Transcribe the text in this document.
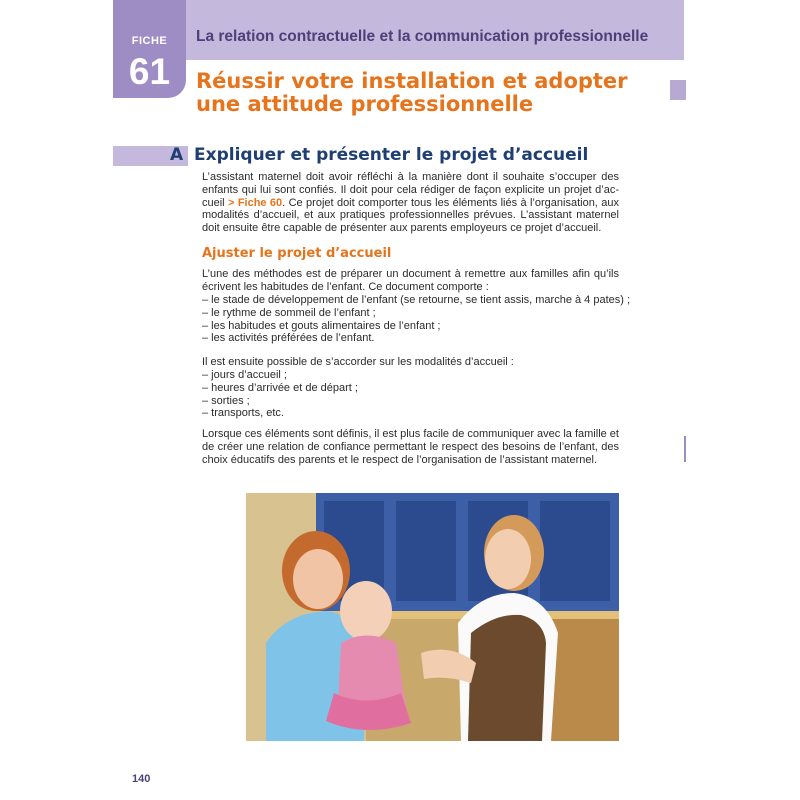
La relation contractuelle et la communication professionnelle
FICHE
61	Réussir votre installation et adopter
une attitude professionnelle
A Expliquer et présenter le projet d’accueil

L’assistant maternel doit avoir réfléchi à la manière dont il souhaite s’occuper des enfants qui lui sont confiés. Il doit pour cela rédiger de façon explicite un projet d’accueil > Fiche 60. Ce projet doit comporter tous les éléments liés à l’organisation, aux modalités d’accueil, et aux pratiques professionnelles prévues. L’assistant maternel doit ensuite être capable de présenter aux parents employeurs ce projet d’accueil.

Ajuster le projet d’accueil

L’une des méthodes est de préparer un document à remettre aux familles afin qu’ils écrivent les habitudes de l’enfant. Ce document comporte :

– le stade de développement de l’enfant (se retourne, se tient assis, marche à 4 pates) ;
– le rythme de sommeil de l’enfant ;
– les habitudes et gouts alimentaires de l’enfant ;
– les activités préférées de l’enfant.

Il est ensuite possible de s’accorder sur les modalités d’accueil :

– jours d’accueil ;
– heures d’arrivée et de départ ;
– sorties ;
– transports, etc.

Lorsque ces éléments sont définis, il est plus facile de communiquer avec la famille et de créer une relation de confiance permettant le respect des besoins de l’enfant, des choix éducatifs des parents et le respect de l’organisation de l’assistant maternel.

140
